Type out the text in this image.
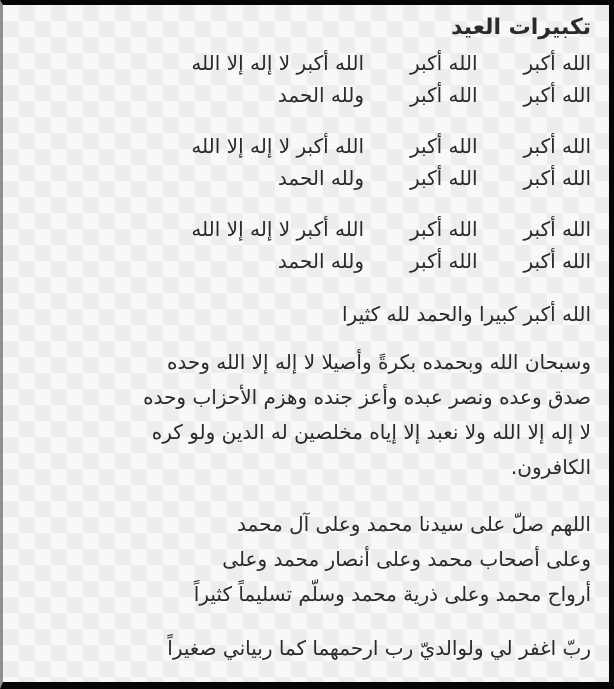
تكبيرات العيد
الله أكبر
الله أكبر
الله أكبر لا إله إلا الله
الله أكبر
الله أكبر
ولله الحمد
الله أكبر
الله أكبر
الله أكبر لا إله إلا الله
الله أكبر
الله أكبر
ولله الحمد
الله أكبر
الله أكبر
الله أكبر لا إله إلا الله
الله أكبر
الله أكبر
ولله الحمد

الله أكبر كبيرا والحمد لله كثيرا

وسبحان الله وبحمده بكرةً وأصيلا لا إله إلا الله وحده
صدق وعده ونصر عبده وأعز جنده وهزم الأحزاب وحده
لا إله إلا الله ولا نعبد إلا إياه مخلصين له الدين ولو كره
الكافرون.
اللهم صلّ على سيدنا محمد وعلى آل محمد
وعلى أصحاب محمد وعلى أنصار محمد وعلى
أرواح محمد وعلى ذرية محمد وسلّم تسليماً كثيراً

ربّ اغفر لي ولوالديّ رب ارحمهما كما ربياني صغيراً
